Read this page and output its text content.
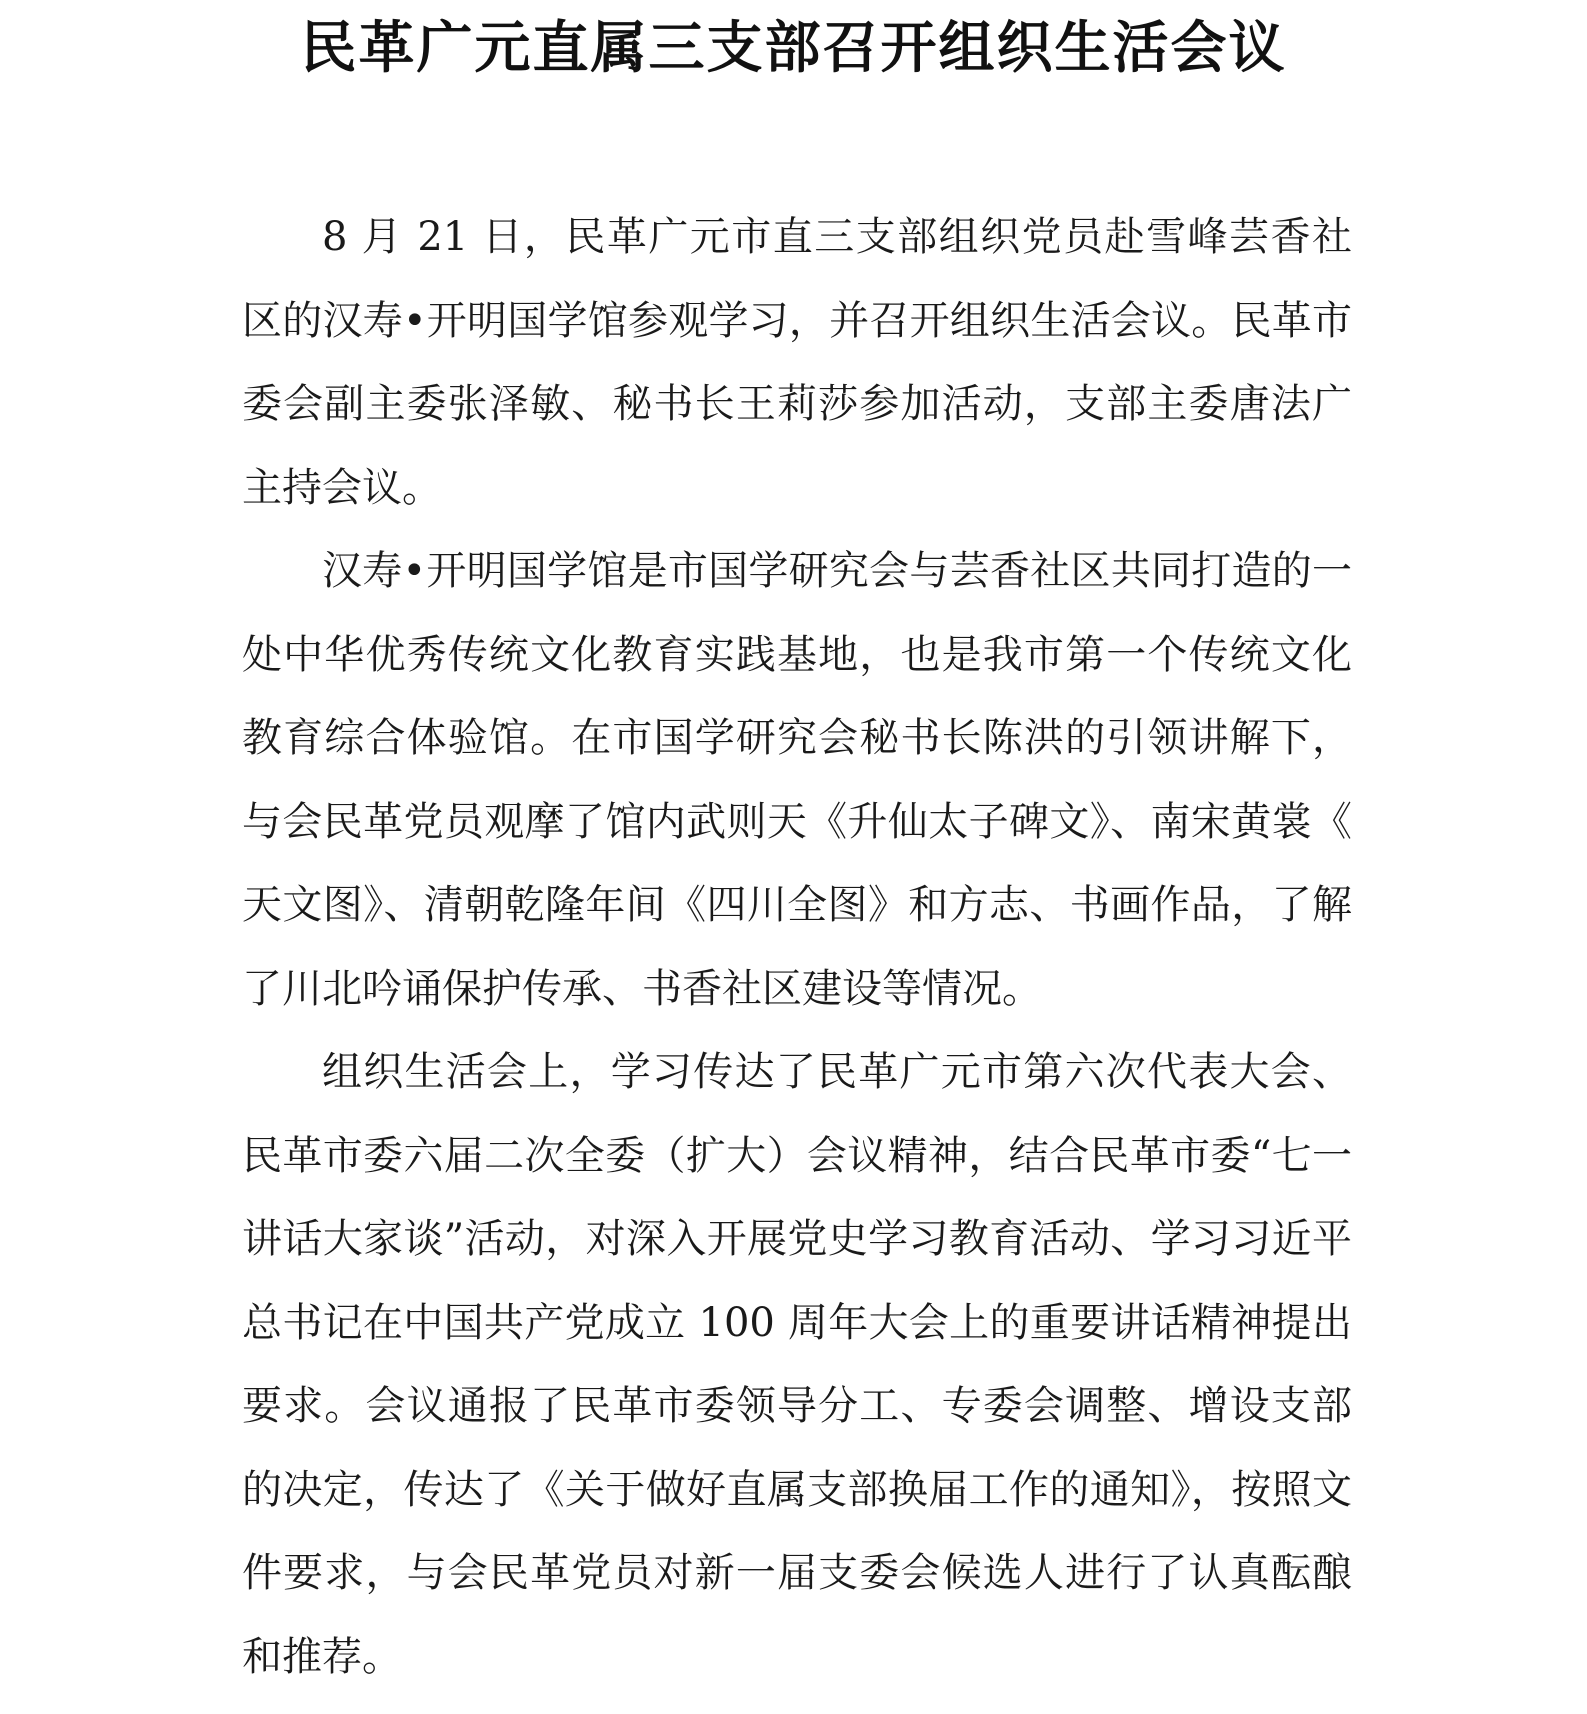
民革广元直属三支部召开组织生活会议

8 月 21 日，民革广元市直三支部组织党员赴雪峰芸香社区的汉寿•开明国学馆参观学习，并召开组织生活会议。民革市委会副主委张泽敏、秘书长王莉莎参加活动，支部主委唐法广主持会议。

汉寿•开明国学馆是市国学研究会与芸香社区共同打造的一处中华优秀传统文化教育实践基地，也是我市第一个传统文化教育综合体验馆。在市国学研究会秘书长陈洪的引领讲解下，与会民革党员观摩了馆内武则天《升仙太子碑文》、南宋黄裳《天文图》、清朝乾隆年间《四川全图》和方志、书画作品，了解了川北吟诵保护传承、书香社区建设等情况。

组织生活会上，学习传达了民革广元市第六次代表大会、民革市委六届二次全委（扩大）会议精神，结合民革市委“七一讲话大家谈”活动，对深入开展党史学习教育活动、学习习近平总书记在中国共产党成立 100 周年大会上的重要讲话精神提出要求。会议通报了民革市委领导分工、专委会调整、增设支部的决定，传达了《关于做好直属支部换届工作的通知》，按照文件要求，与会民革党员对新一届支委会候选人进行了认真酝酿和推荐。
